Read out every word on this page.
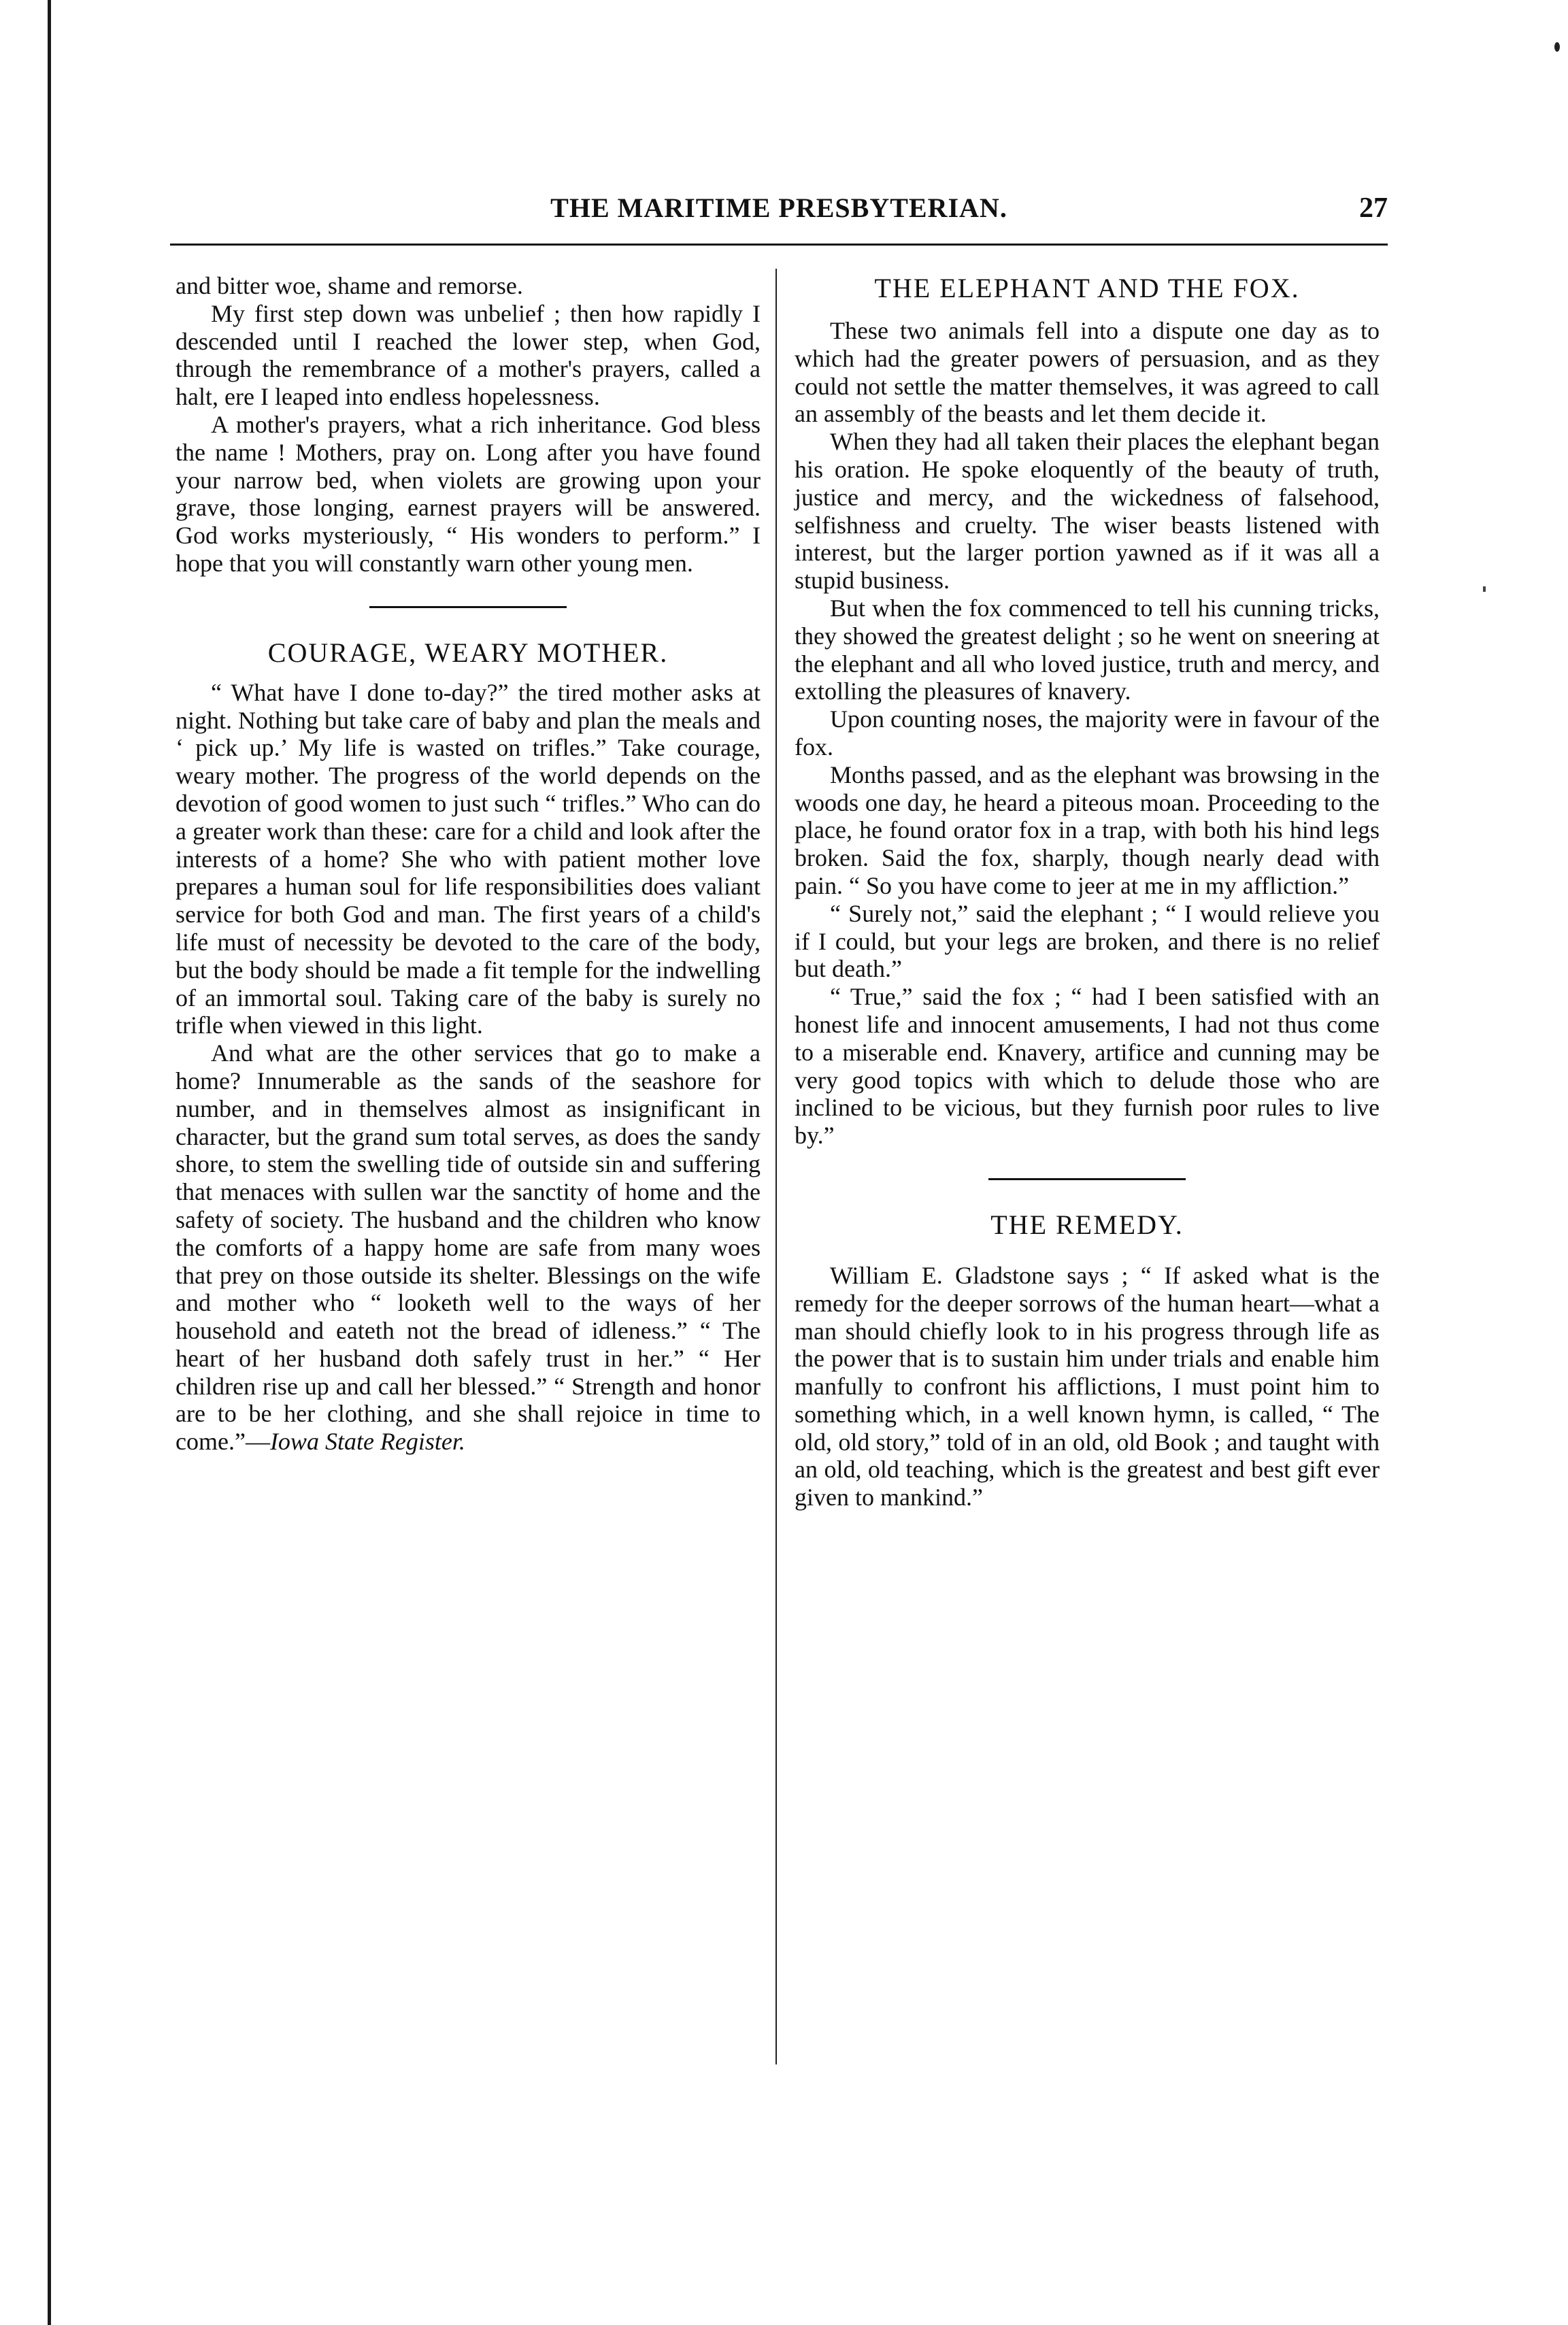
THE MARITIME PRESBYTERIAN.	27

and bitter woe, shame and remorse.

My first step down was unbelief ; then how rapidly I descended until I reached the lower step, when God, through the remembrance of a mother's prayers, called a halt, ere I leaped into endless hopelessness.

A mother's prayers, what a rich inheritance. God bless the name ! Mothers, pray on. Long after you have found your narrow bed, when violets are growing upon your grave, those longing, earnest prayers will be answered. God works mysteriously, “ His wonders to perform.” I hope that you will constantly warn other young men.

COURAGE, WEARY MOTHER.

“ What have I done to-day?” the tired mother asks at night. Nothing but take care of baby and plan the meals and ‘ pick up.’ My life is wasted on trifles.” Take courage, weary mother. The progress of the world depends on the devotion of good women to just such “ trifles.” Who can do a greater work than these: care for a child and look after the interests of a home? She who with patient mother love prepares a human soul for life responsibilities does valiant service for both God and man. The first years of a child's life must of necessity be devoted to the care of the body, but the body should be made a fit temple for the indwelling of an immortal soul. Taking care of the baby is surely no trifle when viewed in this light.

And what are the other services that go to make a home? Innumerable as the sands of the seashore for number, and in themselves almost as insignificant in character, but the grand sum total serves, as does the sandy shore, to stem the swelling tide of outside sin and suffering that menaces with sullen war the sanctity of home and the safety of society. The husband and the children who know the comforts of a happy home are safe from many woes that prey on those outside its shelter. Blessings on the wife and mother who “ looketh well to the ways of her household and eateth not the bread of idleness.” “ The heart of her husband doth safely trust in her.” “ Her children rise up and call her blessed.” “ Strength and honor are to be her clothing, and she shall rejoice in time to come.”—Iowa State Register.

THE ELEPHANT AND THE FOX.

These two animals fell into a dispute one day as to which had the greater powers of persuasion, and as they could not settle the matter themselves, it was agreed to call an assembly of the beasts and let them decide it.

When they had all taken their places the elephant began his oration. He spoke eloquently of the beauty of truth, justice and mercy, and the wickedness of falsehood, selfishness and cruelty. The wiser beasts listened with interest, but the larger portion yawned as if it was all a stupid business.

But when the fox commenced to tell his cunning tricks, they showed the greatest delight ; so he went on sneering at the elephant and all who loved justice, truth and mercy, and extolling the pleasures of knavery.

Upon counting noses, the majority were in favour of the fox.

Months passed, and as the elephant was browsing in the woods one day, he heard a piteous moan. Proceeding to the place, he found orator fox in a trap, with both his hind legs broken. Said the fox, sharply, though nearly dead with pain. “ So you have come to jeer at me in my affliction.”

“ Surely not,” said the elephant ; “ I would relieve you if I could, but your legs are broken, and there is no relief but death.”

“ True,” said the fox ; “ had I been satisfied with an honest life and innocent amusements, I had not thus come to a miserable end. Knavery, artifice and cunning may be very good topics with which to delude those who are inclined to be vicious, but they furnish poor rules to live by.”

THE REMEDY.

William E. Gladstone says ; “ If asked what is the remedy for the deeper sorrows of the human heart—what a man should chiefly look to in his progress through life as the power that is to sustain him under trials and enable him manfully to confront his afflictions, I must point him to something which, in a well known hymn, is called, “ The old, old story,” told of in an old, old Book ; and taught with an old, old teaching, which is the greatest and best gift ever given to mankind.”
